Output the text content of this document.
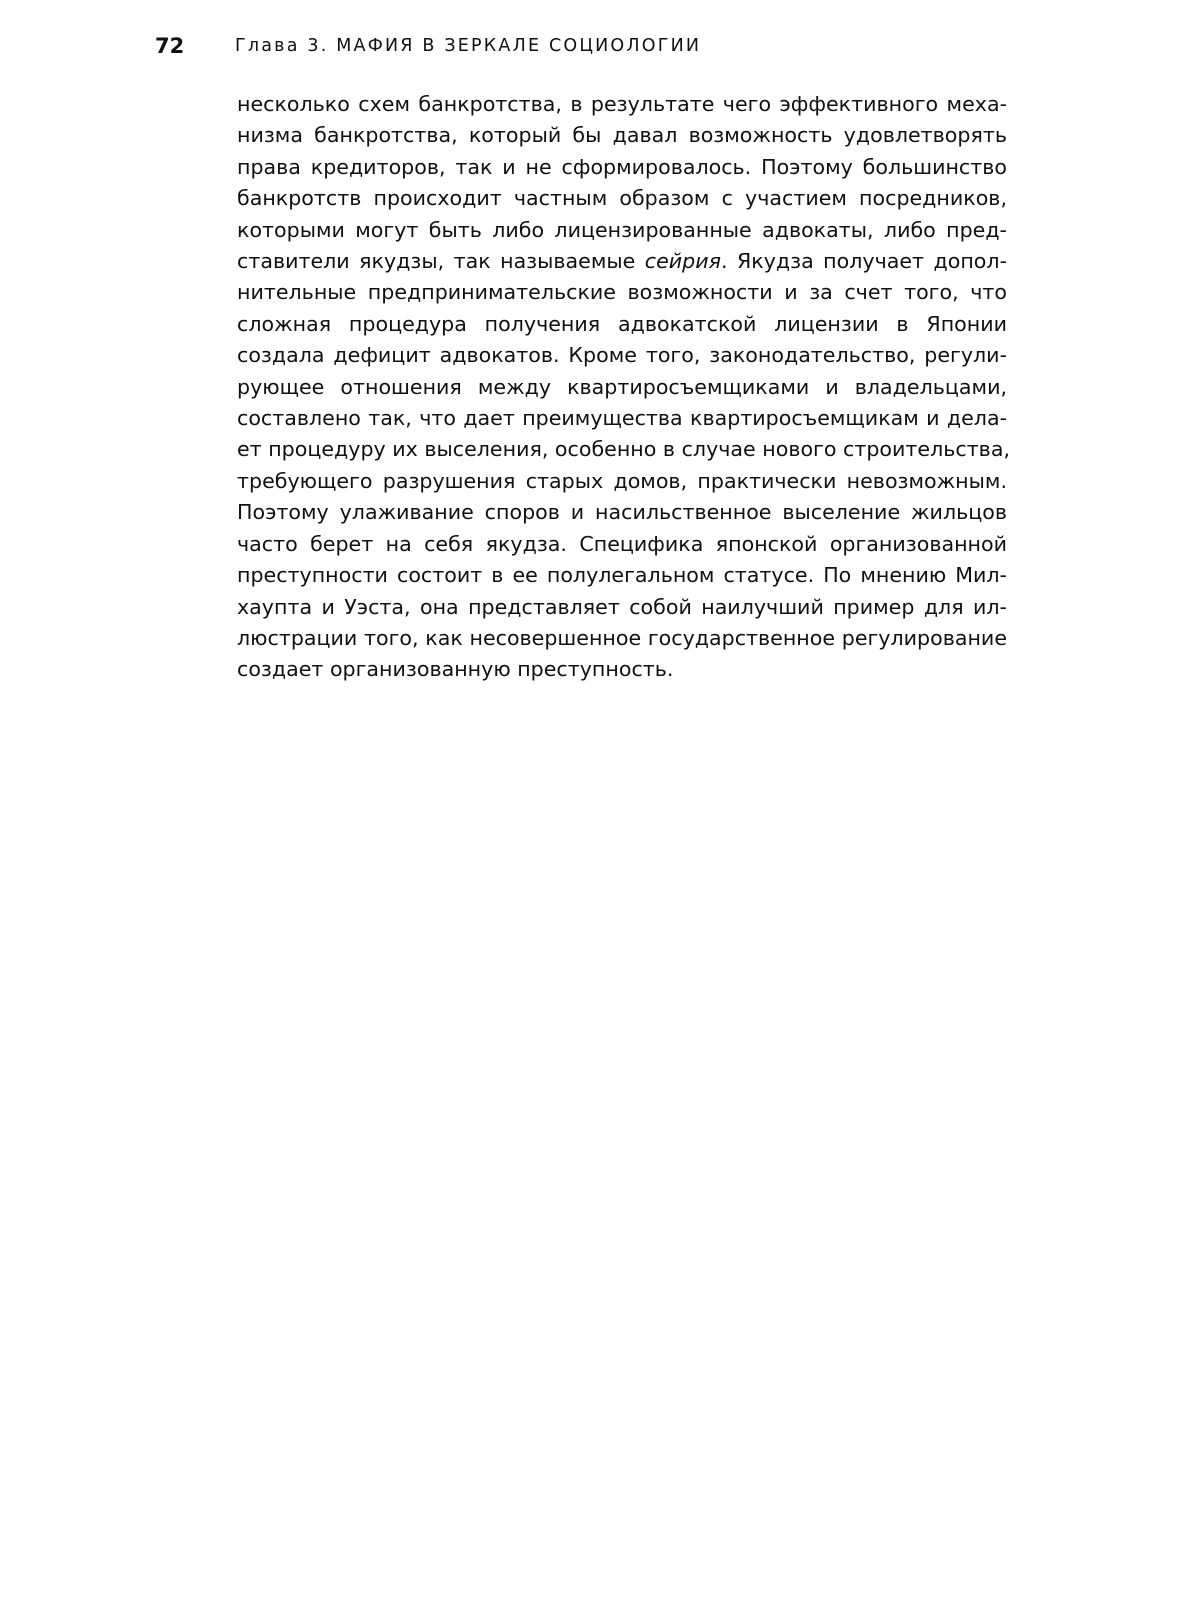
72	Глава 3. МАФИЯ В ЗЕРКАЛЕ СОЦИОЛОГИИ
несколько схем банкротства, в результате чего эффективного меха-
низма банкротства, который бы давал возможность удовлетворять
права кредиторов, так и не сформировалось. Поэтому большинство
банкротств происходит частным образом с участием посредников,
которыми могут быть либо лицензированные адвокаты, либо пред-
ставители якудзы, так называемые сейрия. Якудза получает допол-
нительные предпринимательские возможности и за счет того, что
сложная процедура получения адвокатской лицензии в Японии
создала дефицит адвокатов. Кроме того, законодательство, регули-
рующее отношения между квартиросъемщиками и владельцами,
составлено так, что дает преимущества квартиросъемщикам и дела-
ет процедуру их выселения, особенно в случае нового строительства,
требующего разрушения старых домов, практически невозможным.
Поэтому улаживание споров и насильственное выселение жильцов
часто берет на себя якудза. Специфика японской организованной
преступности состоит в ее полулегальном статусе. По мнению Мил-
хаупта и Уэста, она представляет собой наилучший пример для ил-
люстрации того, как несовершенное государственное регулирование
создает организованную преступность.
